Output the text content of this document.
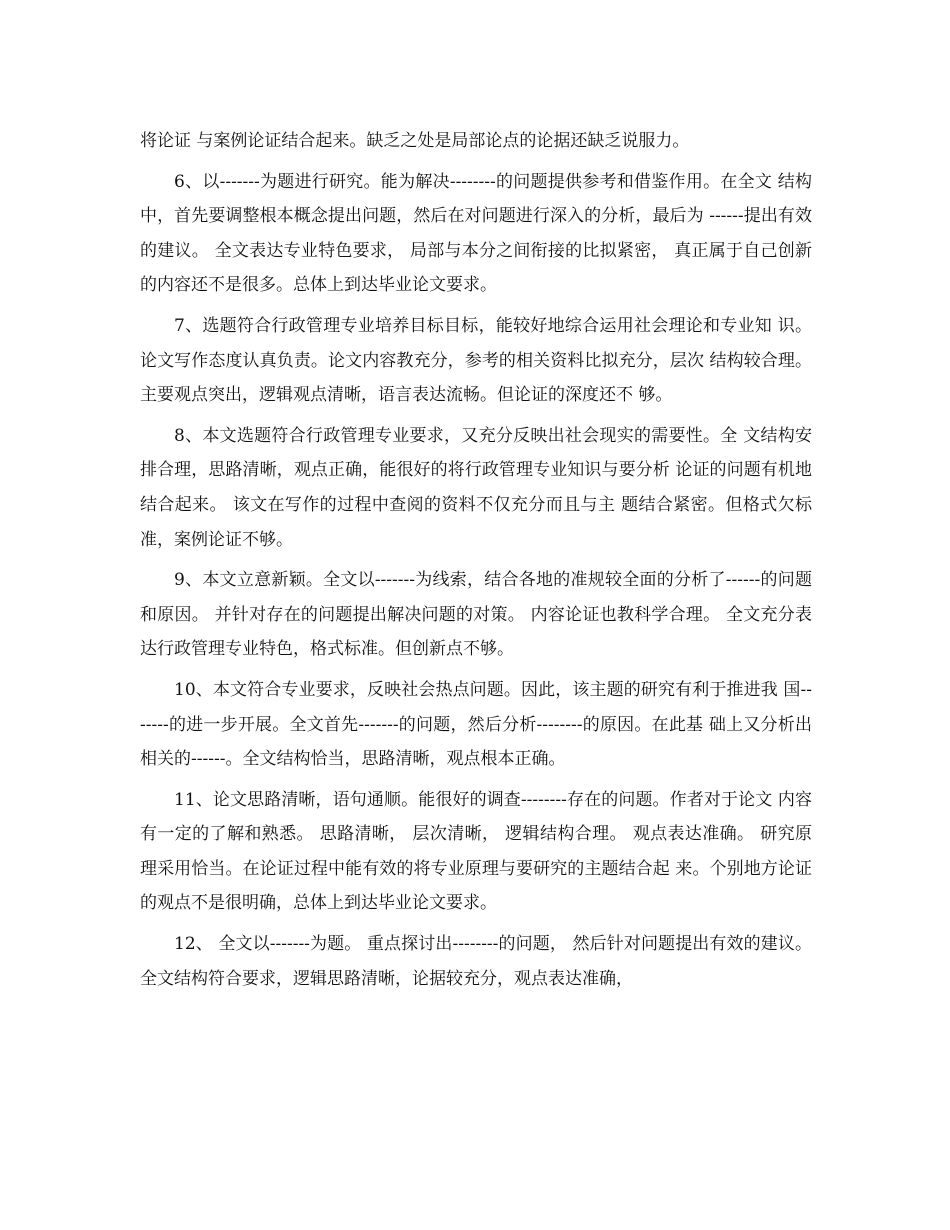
将论证 与案例论证结合起来。缺乏之处是局部论点的论据还缺乏说服力。

6、以-------为题进行研究。能为解决--------的问题提供参考和借鉴作用。在全文 结构中，首先要调整根本概念提出问题，然后在对问题进行深入的分析，最后为 ------提出有效的建议。 全文表达专业特色要求， 局部与本分之间衔接的比拟紧密， 真正属于自己创新的内容还不是很多。总体上到达毕业论文要求。

7、选题符合行政管理专业培养目标目标，能较好地综合运用社会理论和专业知 识。论文写作态度认真负责。论文内容教充分，参考的相关资料比拟充分，层次 结构较合理。主要观点突出，逻辑观点清晰，语言表达流畅。但论证的深度还不 够。

8、本文选题符合行政管理专业要求，又充分反映出社会现实的需要性。全 文结构安排合理，思路清晰，观点正确，能很好的将行政管理专业知识与要分析 论证的问题有机地结合起来。 该文在写作的过程中查阅的资料不仅充分而且与主 题结合紧密。但格式欠标准，案例论证不够。

9、本文立意新颖。全文以-------为线索，结合各地的准规较全面的分析了------的问题和原因。 并针对存在的问题提出解决问题的对策。 内容论证也教科学合理。 全文充分表达行政管理专业特色，格式标准。但创新点不够。

10、本文符合专业要求，反映社会热点问题。因此，该主题的研究有利于推进我 国-------的进一步开展。全文首先-------的问题，然后分析--------的原因。在此基 础上又分析出相关的------。全文结构恰当，思路清晰，观点根本正确。

11、论文思路清晰，语句通顺。能很好的调查--------存在的问题。作者对于论文 内容有一定的了解和熟悉。 思路清晰， 层次清晰， 逻辑结构合理。 观点表达准确。 研究原理采用恰当。在论证过程中能有效的将专业原理与要研究的主题结合起 来。个别地方论证的观点不是很明确，总体上到达毕业论文要求。

12、 全文以-------为题。 重点探讨出--------的问题， 然后针对问题提出有效的建议。 全文结构符合要求，逻辑思路清晰，论据较充分，观点表达准确，
